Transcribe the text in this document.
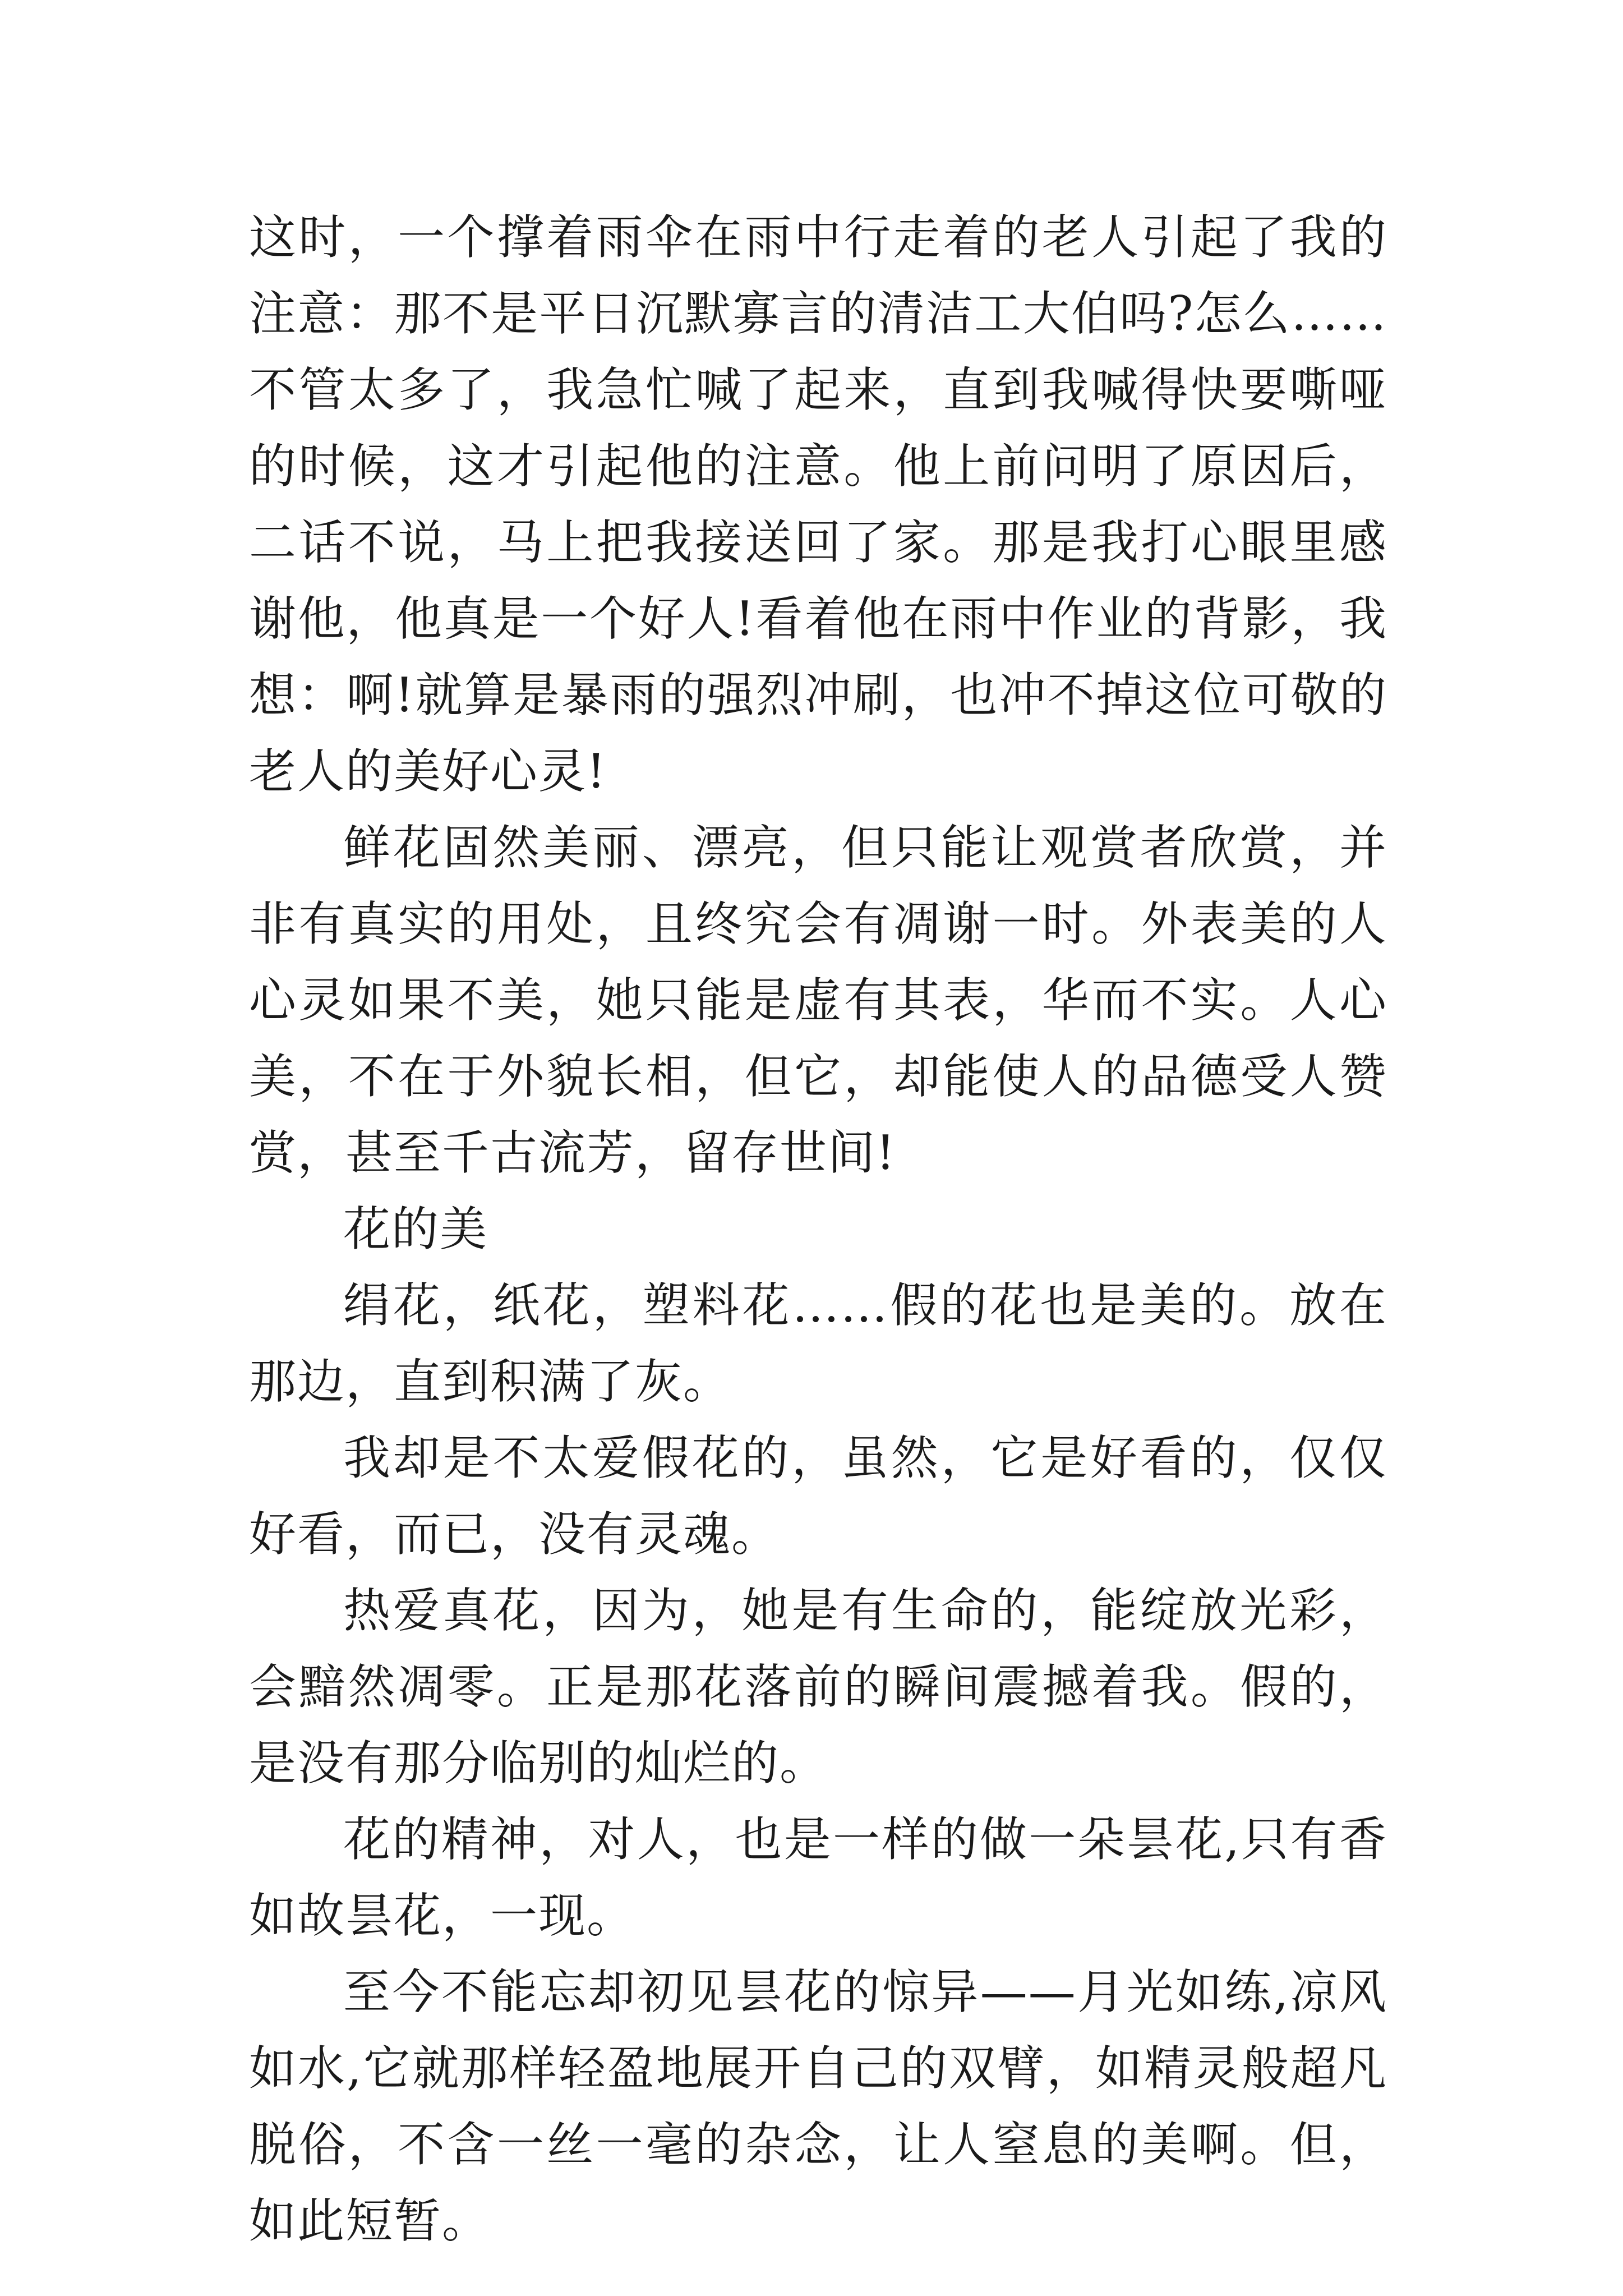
这时，一个撑着雨伞在雨中行走着的老人引起了我的注意：那不是平日沉默寡言的清洁工大伯吗?怎么……不管太多了，我急忙喊了起来，直到我喊得快要嘶哑的时候，这才引起他的注意。他上前问明了原因后，二话不说，马上把我接送回了家。那是我打心眼里感谢他，他真是一个好人!看着他在雨中作业的背影，我想：啊!就算是暴雨的强烈冲刷，也冲不掉这位可敬的老人的美好心灵!

鲜花固然美丽、漂亮，但只能让观赏者欣赏，并非有真实的用处，且终究会有凋谢一时。外表美的人心灵如果不美，她只能是虚有其表，华而不实。人心美，不在于外貌长相，但它，却能使人的品德受人赞赏，甚至千古流芳，留存世间!

花的美

绢花，纸花，塑料花……假的花也是美的。放在那边，直到积满了灰。

我却是不太爱假花的，虽然，它是好看的，仅仅好看，而已，没有灵魂。

热爱真花，因为，她是有生命的，能绽放光彩，会黯然凋零。正是那花落前的瞬间震撼着我。假的，是没有那分临别的灿烂的。

花的精神，对人，也是一样的做一朵昙花,只有香如故昙花，一现。

至今不能忘却初见昙花的惊异——月光如练,凉风如水,它就那样轻盈地展开自己的双臂，如精灵般超凡脱俗，不含一丝一毫的杂念，让人窒息的美啊。但，如此短暂。
